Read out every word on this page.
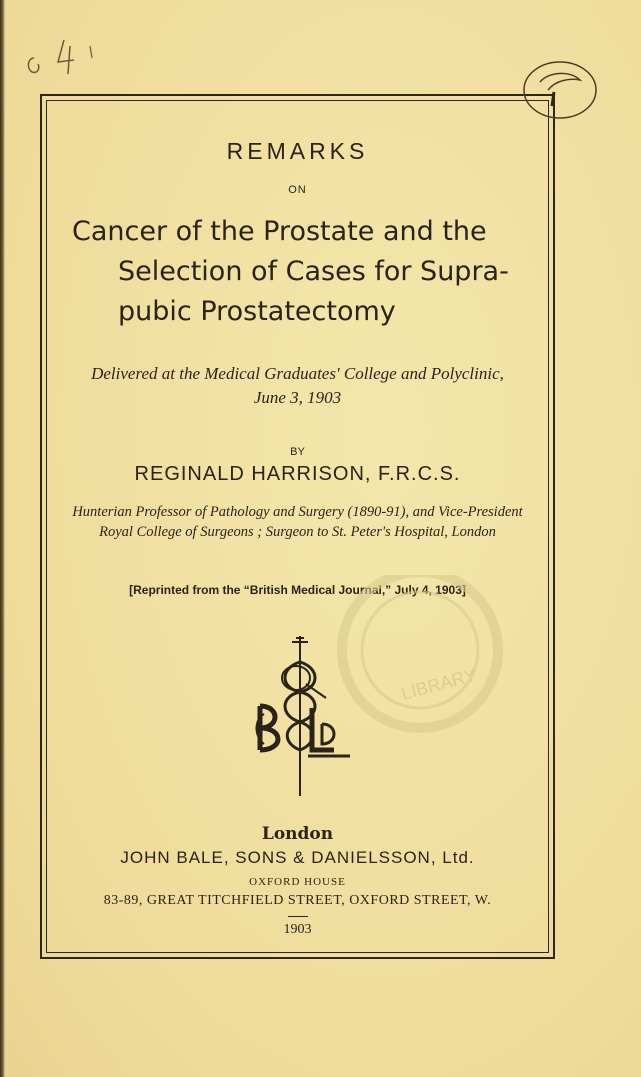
REMARKS
ON
Cancer of the Prostate and the
Selection of Cases for Supra-
pubic Prostatectomy
Delivered at the Medical Graduates' College and Polyclinic,
June 3, 1903
BY
REGINALD HARRISON, F.R.C.S.
Hunterian Professor of Pathology and Surgery (1890-91), and Vice-President
Royal College of Surgeons ; Surgeon to St. Peter's Hospital, London
[Reprinted from the “British Medical Journal,” July 4, 1903]
LIBRARY
London
JOHN BALE, SONS & DANIELSSON, Ltd.
OXFORD HOUSE
83-89, GREAT TITCHFIELD STREET, OXFORD STREET, W.
1903
